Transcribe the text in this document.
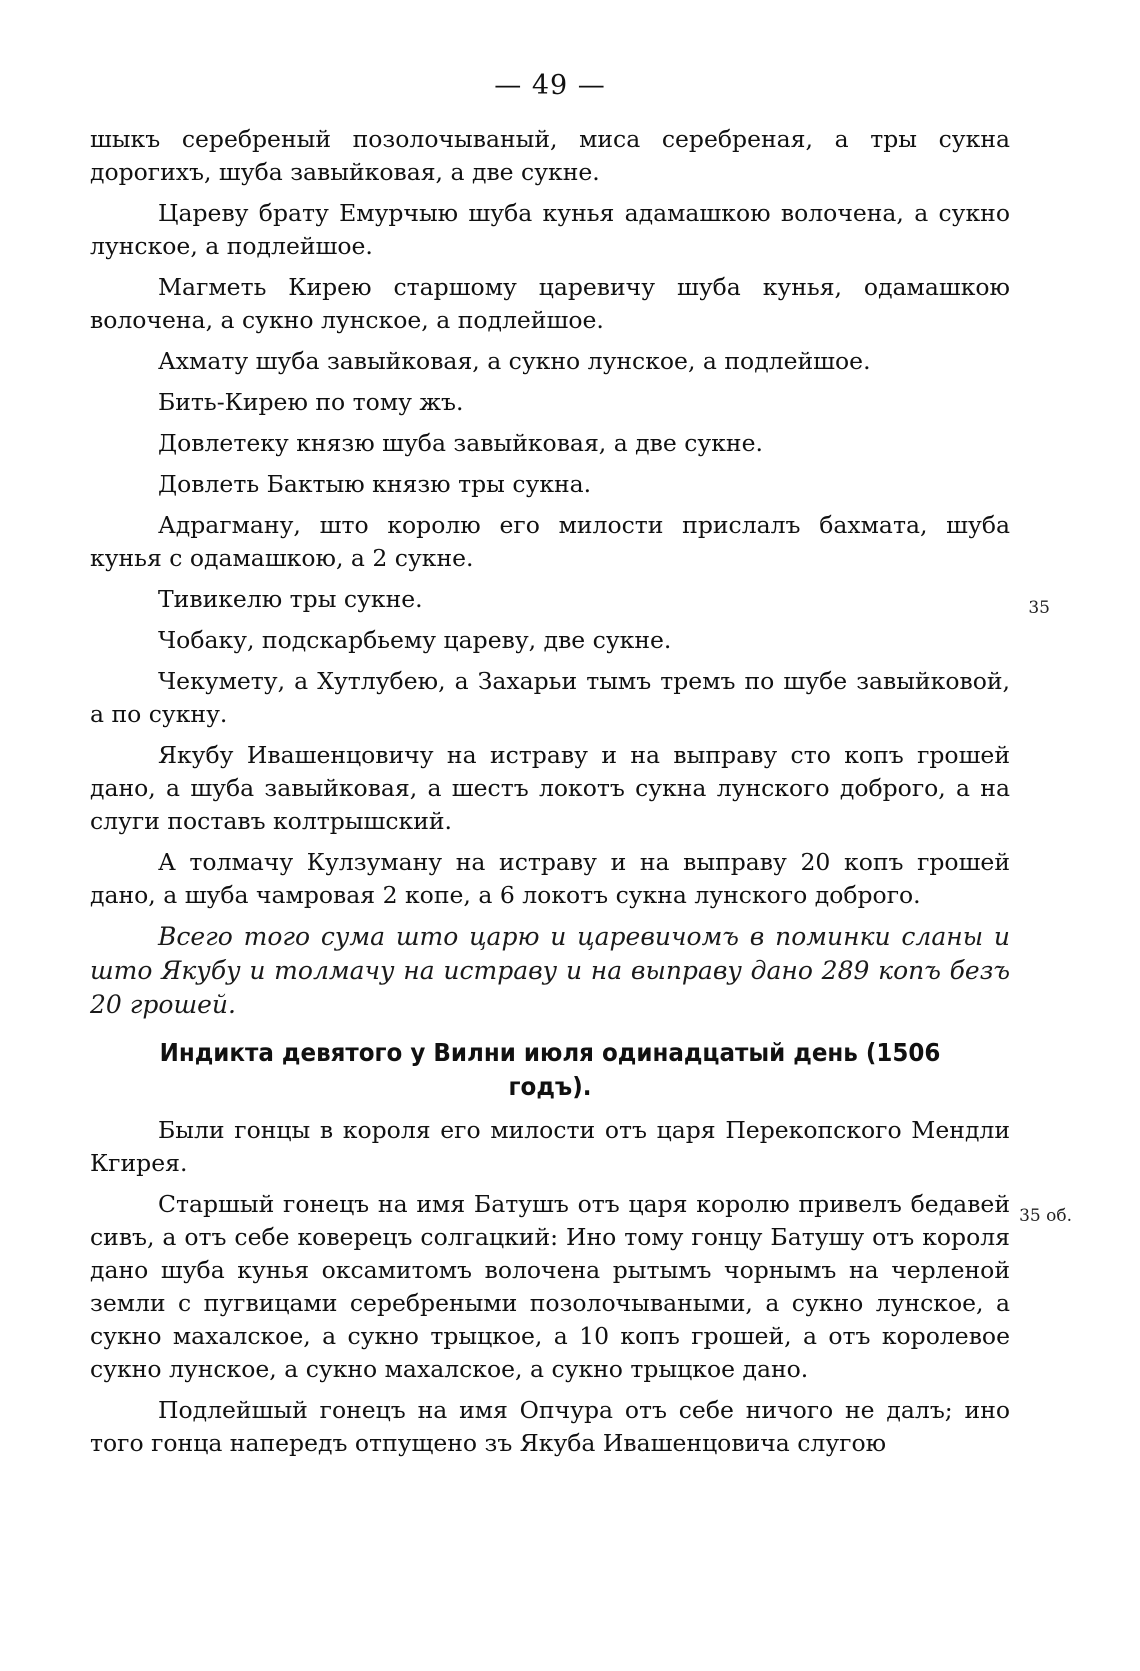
— 49 —

шыкъ серебреный позолочываный, миса серебреная, а тры сукна дорогихъ, шуба завыйковая, а две сукне.

Цареву брату Емурчыю шуба кунья адамашкою волочена, а сукно лунское, а подлейшое.

Магметь Кирею старшому царевичу шуба кунья, одамашкою волочена, а сукно лунское, а подлейшое.

Ахмату шуба завыйковая, а сукно лунское, а подлейшое.

Бить-Кирею по тому жъ.

Довлетеку князю шуба завыйковая, а две сукне.

Довлеть Бактыю князю тры сукна.

Адрагману, што королю его милости прислалъ бахмата, шуба кунья с одамашкою, а 2 сукне.

Тивикелю тры сукне.

Чобаку, подскарбьему цареву, две сукне.

Чекумету, а Хутлубею, а Захарьи тымъ тремъ по шубе завыйковой, а по сукну.

Якубу Ивашенцовичу на истраву и на выправу сто копъ грошей дано, а шуба завыйковая, а шестъ локотъ сукна лунского доброго, а на слуги поставъ колтрышский.

А толмачу Кулзуману на истраву и на выправу 20 копъ грошей дано, а шуба чамровая 2 копе, а 6 локотъ сукна лунского доброго.

Всего того сума што царю и царевичомъ в поминки сланы и што Якубу и толмачу на истраву и на выправу дано 289 копъ безъ 20 грошей.

Индикта девятого у Вилни июля одинадцатый день (1506 годъ).

Были гонцы в короля его милости отъ царя Перекопского Мендли Кгирея.

Старшый гонецъ на имя Батушъ отъ царя королю привелъ бедавей сивъ, а отъ себе коверецъ солгацкий: Ино тому гонцу Батушу отъ короля дано шуба кунья оксамитомъ волочена рытымъ чорнымъ на черленой земли с пугвицами серебреными позолочываными, а сукно лунское, а сукно махалское, а сукно трыцкое, а 10 копъ грошей, а отъ королевое сукно лунское, а сукно махалское, а сукно трыцкое дано.

Подлейшый гонецъ на имя Опчура отъ себе ничого не далъ; ино того гонца напередъ отпущено зъ Якуба Ивашенцовича слугою

35
35 об.
